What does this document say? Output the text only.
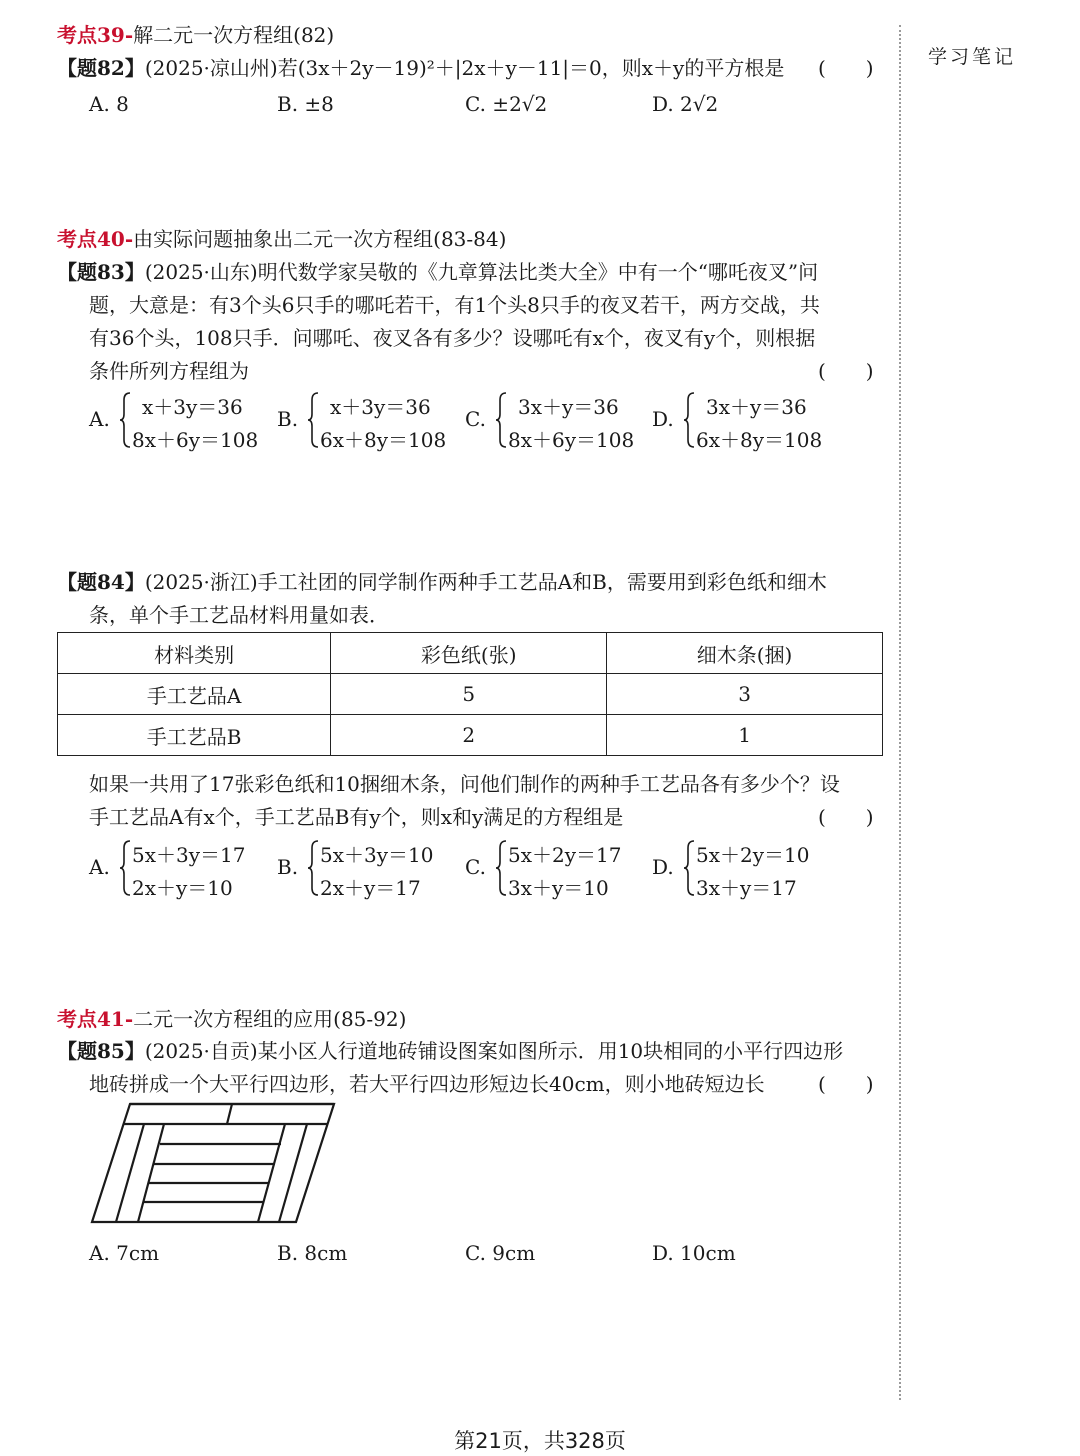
学习笔记
考点39-解二元一次方程组(82)
【题82】(2025·凉山州)若(3x＋2y－19)²＋|2x＋y－11|＝0，则x＋y的平方根是 (　　)
A. 8	B. ±8	C. ±2√2	D. 2√2
考点40-由实际问题抽象出二元一次方程组(83-84)
【题83】(2025·山东)明代数学家吴敬的《九章算法比类大全》中有一个“哪吒夜叉”问
题，大意是：有3个头6只手的哪吒若干，有1个头8只手的夜叉若干，两方交战，共
有36个头，108只手．问哪吒、夜叉各有多少？设哪吒有x个，夜叉有y个，则根据
条件所列方程组为	(　　)
A. x＋3y＝36
8x＋6y＝108
B. x＋3y＝36
6x＋8y＝108
C. 3x＋y＝36
8x＋6y＝108
D. 3x＋y＝36
6x＋8y＝108
【题84】(2025·浙江)手工社团的同学制作两种手工艺品A和B，需要用到彩色纸和细木
条，单个手工艺品材料用量如表．
材料类别	彩色纸(张)	细木条(捆)
手工艺品A	5	3
手工艺品B	2	1
如果一共用了17张彩色纸和10捆细木条，问他们制作的两种手工艺品各有多少个？设
手工艺品A有x个，手工艺品B有y个，则x和y满足的方程组是	(　　)
A. 5x＋3y＝17
2x＋y＝10
B. 5x＋3y＝10
2x＋y＝17
C. 5x＋2y＝17
3x＋y＝10
D. 5x＋2y＝10
3x＋y＝17
考点41-二元一次方程组的应用(85-92)
【题85】(2025·自贡)某小区人行道地砖铺设图案如图所示．用10块相同的小平行四边形
地砖拼成一个大平行四边形，若大平行四边形短边长40cm，则小地砖短边长	(　　)
A. 7cm	B. 8cm	C. 9cm	D. 10cm
第21页，共328页
